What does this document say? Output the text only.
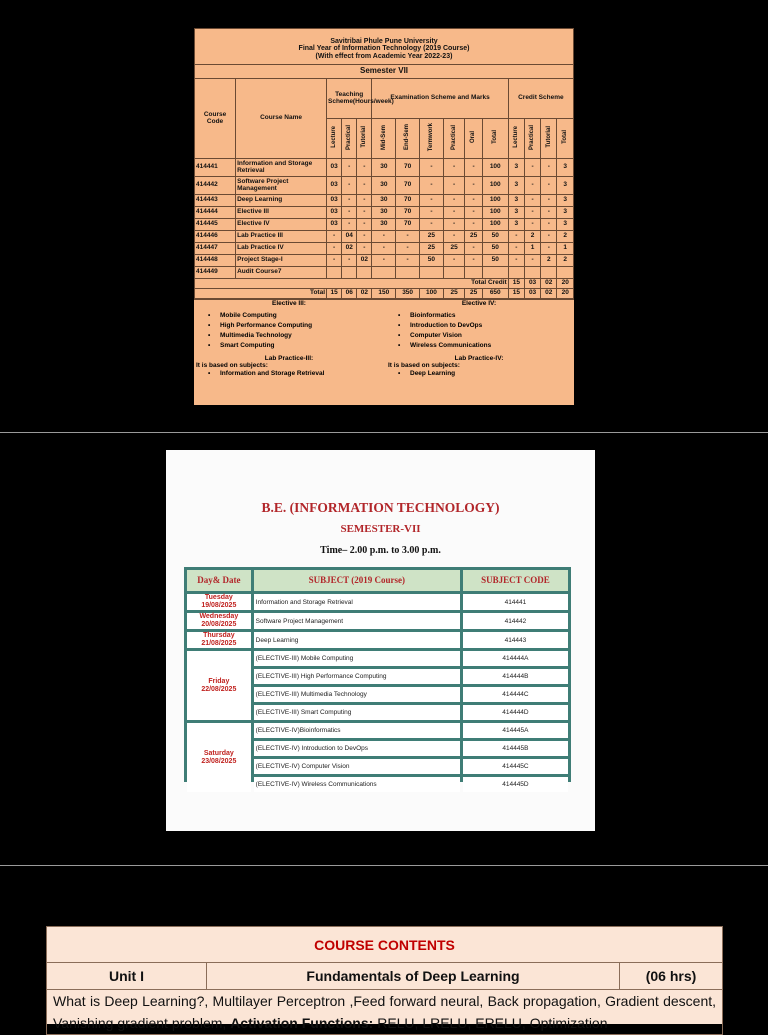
Savitribai Phule Pune University
Final Year of Information Technology (2019 Course)
(With effect from Academic Year 2022-23)														

Semester VII														
Course Code	Course Name	Teaching Scheme(Hours/week)			Examination Scheme and Marks						Credit Scheme			
		Lecture	Practical	Tutorial	Mid-Sem	End-Sem	Termwork	Practical	Oral	Total	Lecture	Practical	Tutorial	Total
414441	Information and Storage Retrieval	03	-	-	30	70	-	-	-	100	3	-	-	3
414442	Software Project Management	03	-	-	30	70	-	-	-	100	3	-	-	3
414443	Deep Learning	03	-	-	30	70	-	-	-	100	3	-	-	3
414444	Elective III	03	-	-	30	70	-	-	-	100	3	-	-	3
414445	Elective IV	03	-	-	30	70	-	-	-	100	3	-	-	3
414446	Lab Practice III	-	04	-	-	-	25	-	25	50	-	2	-	2
414447	Lab Practice IV	-	02	-	-	-	25	25	-	50	-	1	-	1
414448	Project Stage-I	-	-	02	-	-	50	-	-	50	-	-	2	2
414449	Audit Course7													
Total Credit											15	03	02	20
Total		15	06	02	150	350	100	25	25	650	15	03	02	20
Elective III:
• Mobile Computing
• High Performance Computing
• Multimedia Technology
• Smart Computing
Lab Practice-III:
It is based on subjects:
• Information and Storage Retrieval
Elective IV:
• Bioinformatics
• Introduction to DevOps
• Computer Vision
• Wireless Communications
Lab Practice-IV:
It is based on subjects:
• Deep Learning
B.E. (INFORMATION TECHNOLOGY)
SEMESTER-VII
Time– 2.00 p.m. to 3.00 p.m.
Day& Date	SUBJECT (2019 Course)	SUBJECT CODE

Tuesday
19/08/2025	Information and Storage Retrieval	414441

Wednesday
20/08/2025	Software Project Management	414442

Thursday
21/08/2025	Deep Learning	414443

Friday
22/08/2025	(ELECTIVE-III) Mobile Computing	414444A
	(ELECTIVE-III) High Performance Computing	414444B
	(ELECTIVE-III) Multimedia Technology	414444C
	(ELECTIVE-III) Smart Computing	414444D

Saturday
23/08/2025	(ELECTIVE-IV)Bioinformatics	414445A
	(ELECTIVE-IV) Introduction to DevOps	414445B
	(ELECTIVE-IV) Computer Vision	414445C
	(ELECTIVE-IV) Wireless Communications	414445D
COURSE CONTENTS
Unit I	Fundamentals of Deep Learning	(06 hrs)
What is Deep Learning?, Multilayer Perceptron ,Feed forward neural, Back propagation, Gradient descent, Vanishing gradient problem, Activation Functions: RELU, LRELU, ERELU, Optimization
